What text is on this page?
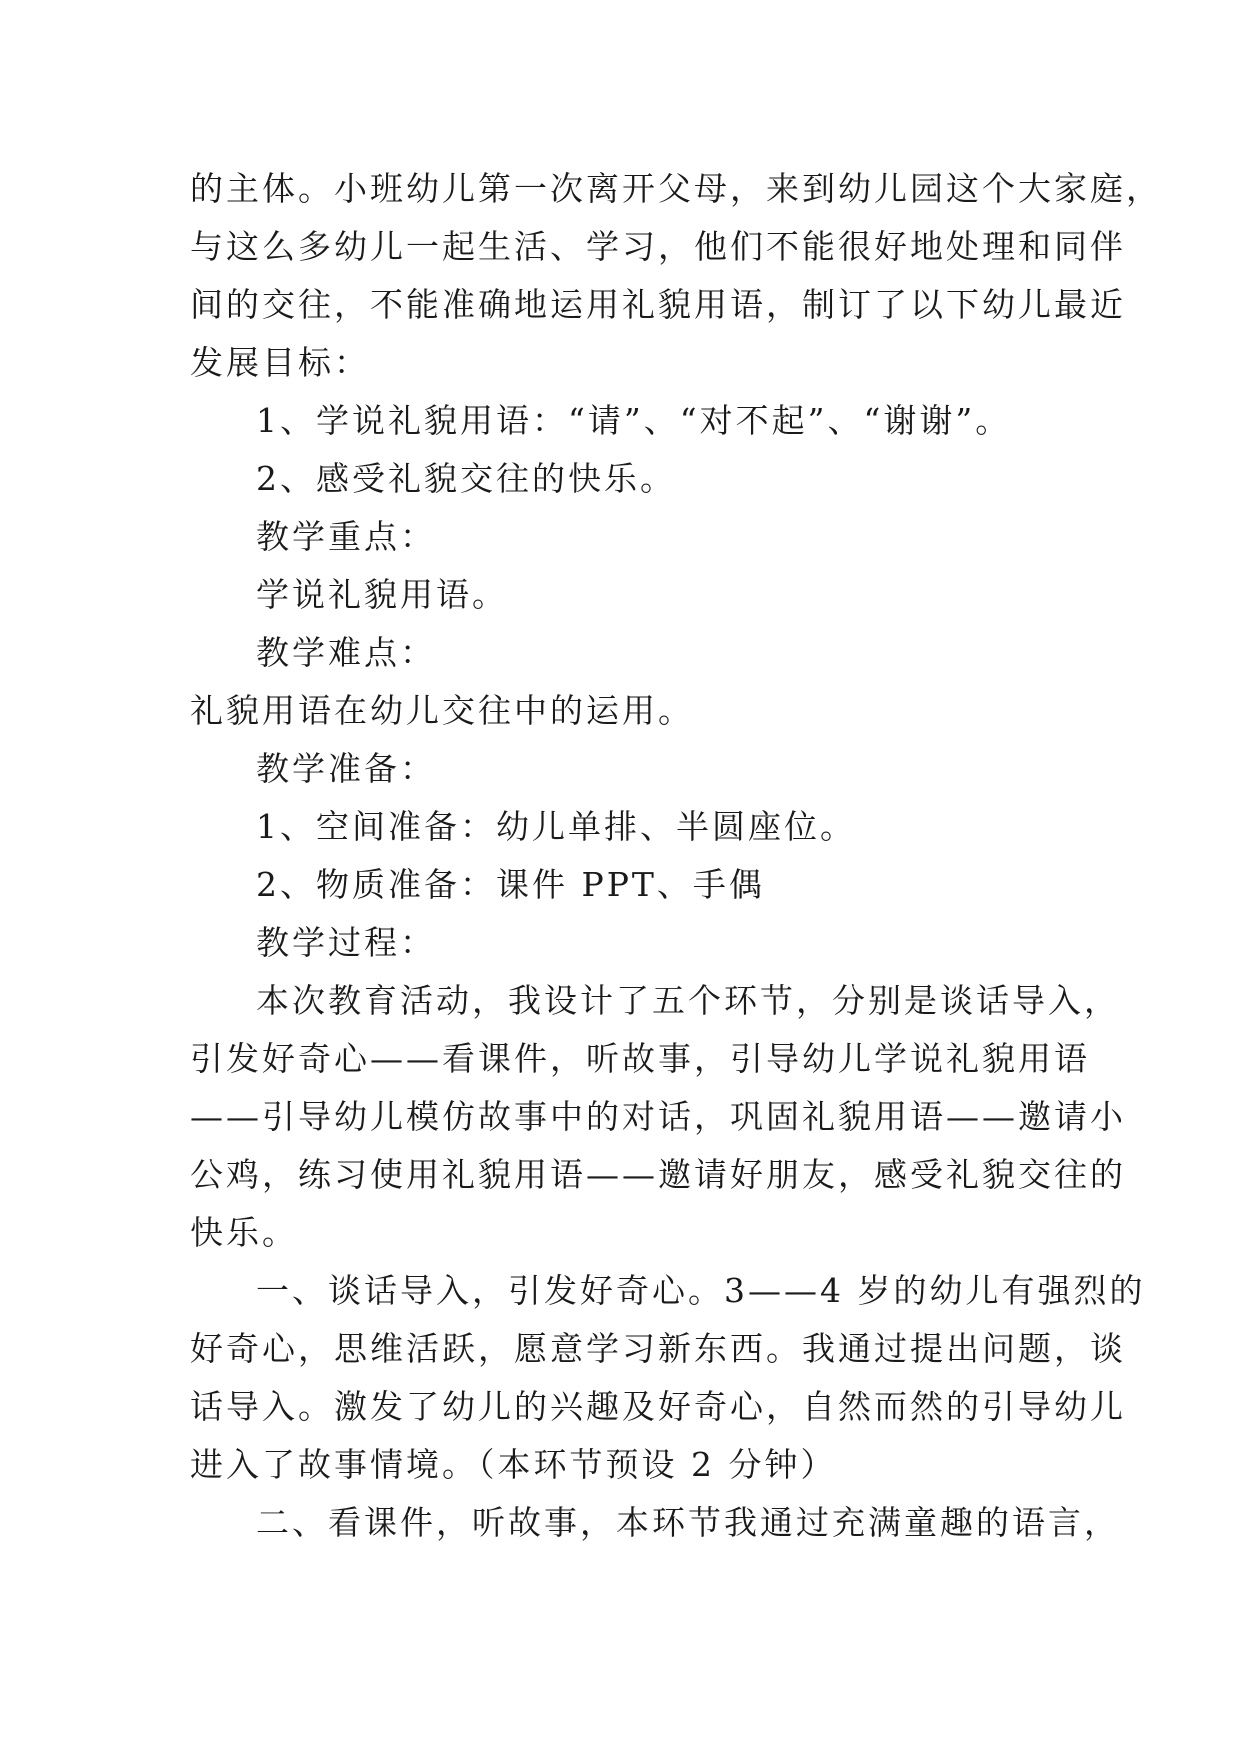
的主体。小班幼儿第一次离开父母，来到幼儿园这个大家庭，
与这么多幼儿一起生活、学习，他们不能很好地处理和同伴
间的交往，不能准确地运用礼貌用语，制订了以下幼儿最近
发展目标：
1、学说礼貌用语：“请”、“对不起”、“谢谢”。
2、感受礼貌交往的快乐。
教学重点：
学说礼貌用语。
教学难点：
礼貌用语在幼儿交往中的运用。
教学准备：
1、空间准备：幼儿单排、半圆座位。
2、物质准备：课件 PPT、手偶
教学过程：
本次教育活动，我设计了五个环节，分别是谈话导入，
引发好奇心——看课件，听故事，引导幼儿学说礼貌用语
——引导幼儿模仿故事中的对话，巩固礼貌用语——邀请小
公鸡，练习使用礼貌用语——邀请好朋友，感受礼貌交往的
快乐。
一、谈话导入，引发好奇心。3——4 岁的幼儿有强烈的
好奇心，思维活跃，愿意学习新东西。我通过提出问题，谈
话导入。激发了幼儿的兴趣及好奇心，自然而然的引导幼儿
进入了故事情境。（本环节预设 2 分钟）
二、看课件，听故事，本环节我通过充满童趣的语言，
